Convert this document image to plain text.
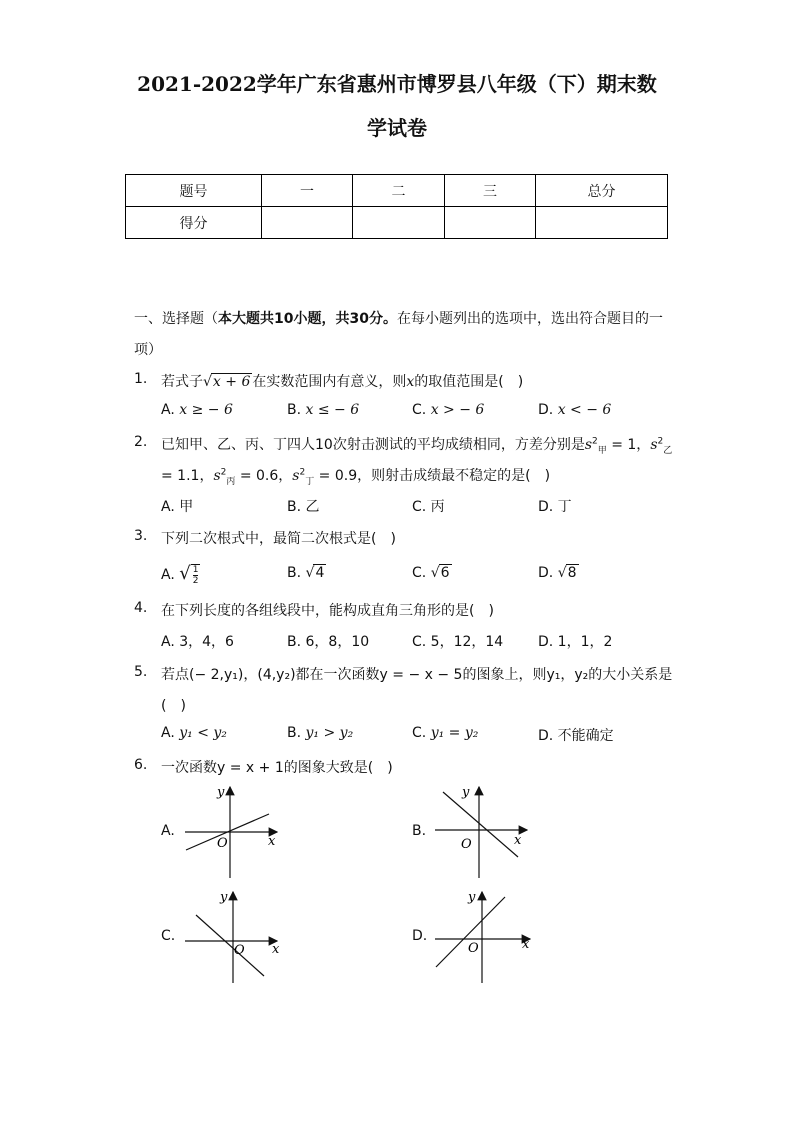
2021-2022学年广东省惠州市博罗县八年级（下）期末数
学试卷
题号	一	二	三	总分
得分				
一、选择题（本大题共10小题，共30分。在每小题列出的选项中，选出符合题目的一
项）
1. 若式子√x + 6 在实数范围内有意义，则x的取值范围是(　)
A. x ≥ − 6	B. x ≤ − 6	C. x > − 6	D. x < − 6
2. 已知甲、乙、丙、丁四人10次射击测试的平均成绩相同，方差分别是$s^2_甲 = 1$，$s^2_乙$
= 1.1，$s^2_丙 = 0.6$，$s^2_丁 = 0.9$，则射击成绩最不稳定的是(　)
A. 甲	B. 乙	C. 丙	D. 丁
3. 下列二次根式中，最简二次根式是(　)
A. √ $\frac{1}{2}$	B. √4	C. √6	D. √8
4. 在下列长度的各组线段中，能构成直角三角形的是(　)
A. 3，4，6	B. 6，8，10	C. 5，12，14 D. 1，1，2
5. 若点(− 2,y₁)，(4,y₂)都在一次函数y = − x − 5的图象上，则y₁，y₂的大小关系是
(　)
A. y₁ < y₂	B. y₁ > y₂	C. y₁ = y₂	D. 不能确定
6. 一次函数y = x + 1的图象大致是(　)
A.	B.
C.	D.
y
x
O
y
x
O
y
x
O
y
x
O
